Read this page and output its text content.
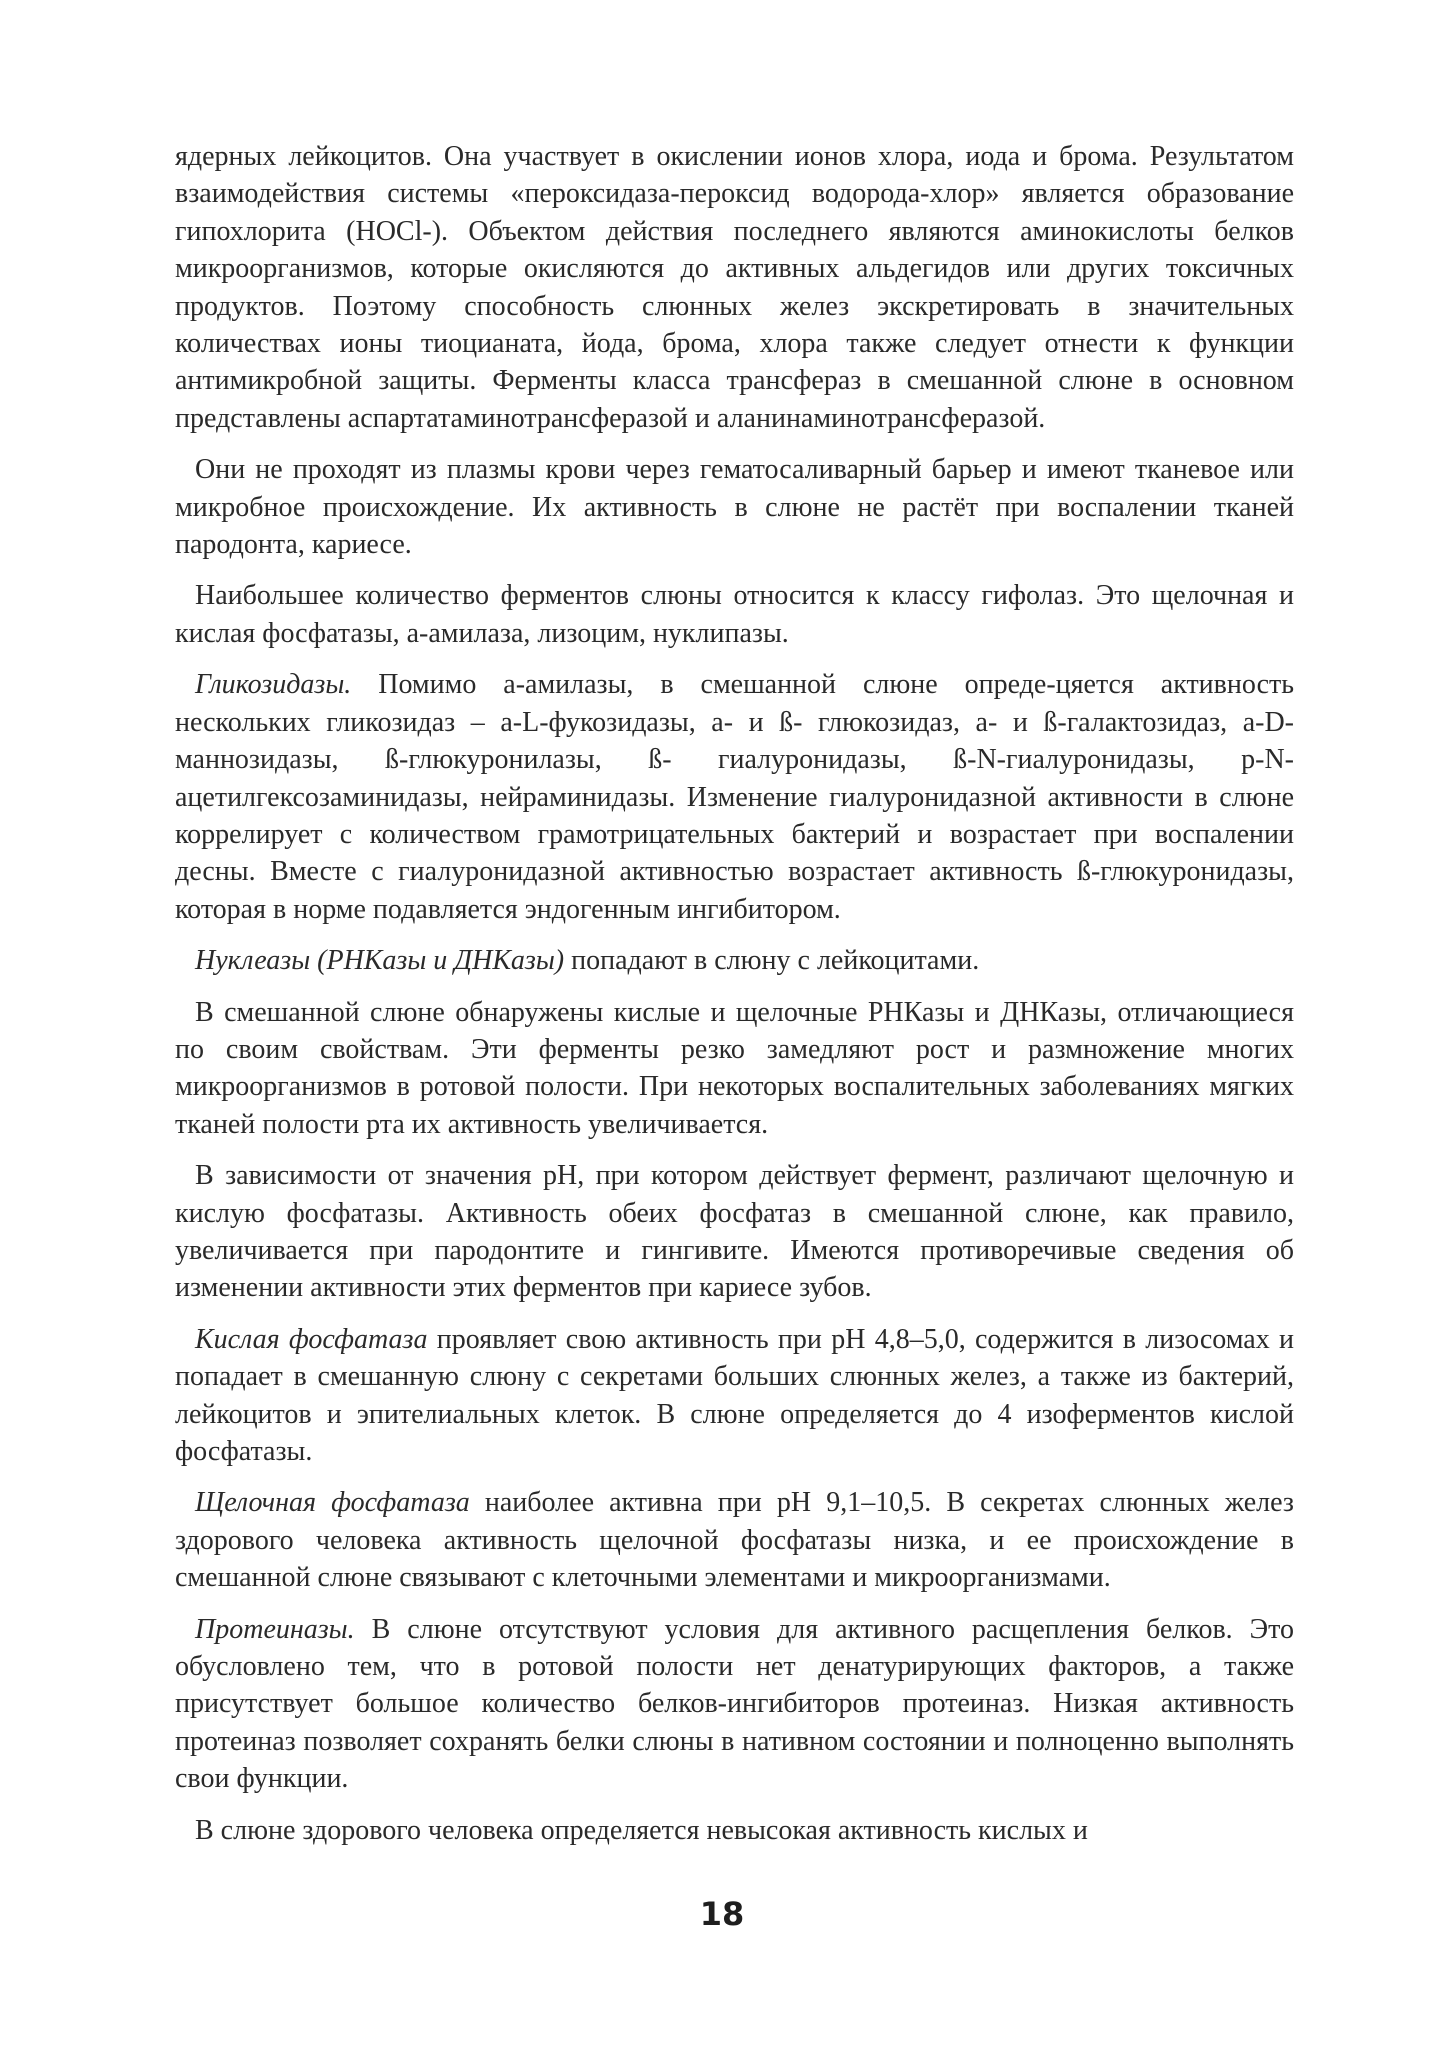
ядерных лейкоцитов. Она участвует в окислении ионов хлора, иода и брома. Результатом взаимодействия системы «пероксидаза-пероксид водорода-хлор» является образование гипохлорита (HOCl-). Объектом действия последнего являются аминокислоты белков микроорганизмов, которые окисляются до активных альдегидов или других токсичных продуктов. Поэтому способность слюнных желез экскретировать в значительных количествах ионы тиоцианата, йода, брома, хлора также следует отнести к функции антимикробной защиты. Ферменты класса трансфераз в смешанной слюне в основном представлены аспартатаминотрансферазой и аланинаминотрансферазой.

Они не проходят из плазмы крови через гематосаливарный барьер и имеют тканевое или микробное происхождение. Их активность в слюне не растёт при воспалении тканей пародонта, кариесе.

Наибольшее количество ферментов слюны относится к классу гифолаз. Это щелочная и кислая фосфатазы, а-амилаза, лизоцим, нуклипазы.

Гликозидазы. Помимо а-амилазы, в смешанной слюне опреде-цяется активность нескольких гликозидаз – а-L-фукозидазы, а- и ß- глюкозидаз, а- и ß-галактозидаз, а-D-маннозидазы, ß-глюкуронилазы, ß- гиалуронидазы, ß-N-гиалуронидазы, р-N-ацетилгексозаминидазы, нейраминидазы. Изменение гиалуронидазной активности в слюне коррелирует с количеством грамотрицательных бактерий и возрастает при воспалении десны. Вместе с гиалуронидазной активностью возрастает активность ß-глюкуронидазы, которая в норме подавляется эндогенным ингибитором.

Нуклеазы (РНКазы и ДНКазы) попадают в слюну с лейкоцитами.

В смешанной слюне обнаружены кислые и щелочные РНКазы и ДНКазы, отличающиеся по своим свойствам. Эти ферменты резко замедляют рост и размножение многих микроорганизмов в ротовой полости. При некоторых воспалительных заболеваниях мягких тканей полости рта их активность увеличивается.

В зависимости от значения pH, при котором действует фермент, различают щелочную и кислую фосфатазы. Активность обеих фосфатаз в смешанной слюне, как правило, увеличивается при пародонтите и гингивите. Имеются противоречивые сведения об изменении активности этих ферментов при кариесе зубов.

Кислая фосфатаза проявляет свою активность при pH 4,8–5,0, содержится в лизосомах и попадает в смешанную слюну с секретами больших слюнных желез, а также из бактерий, лейкоцитов и эпителиальных клеток. В слюне определяется до 4 изоферментов кислой фосфатазы.

Щелочная фосфатаза наиболее активна при pH 9,1–10,5. В секретах слюнных желез здорового человека активность щелочной фосфатазы низка, и ее происхождение в смешанной слюне связывают с клеточными элементами и микроорганизмами.

Протеиназы. В слюне отсутствуют условия для активного расщепления белков. Это обусловлено тем, что в ротовой полости нет денатурирующих факторов, а также присутствует большое количество белков-ингибиторов протеиназ. Низкая активность протеиназ позволяет сохранять белки слюны в нативном состоянии и полноценно выполнять свои функции.

В слюне здорового человека определяется невысокая активность кислых и

18
